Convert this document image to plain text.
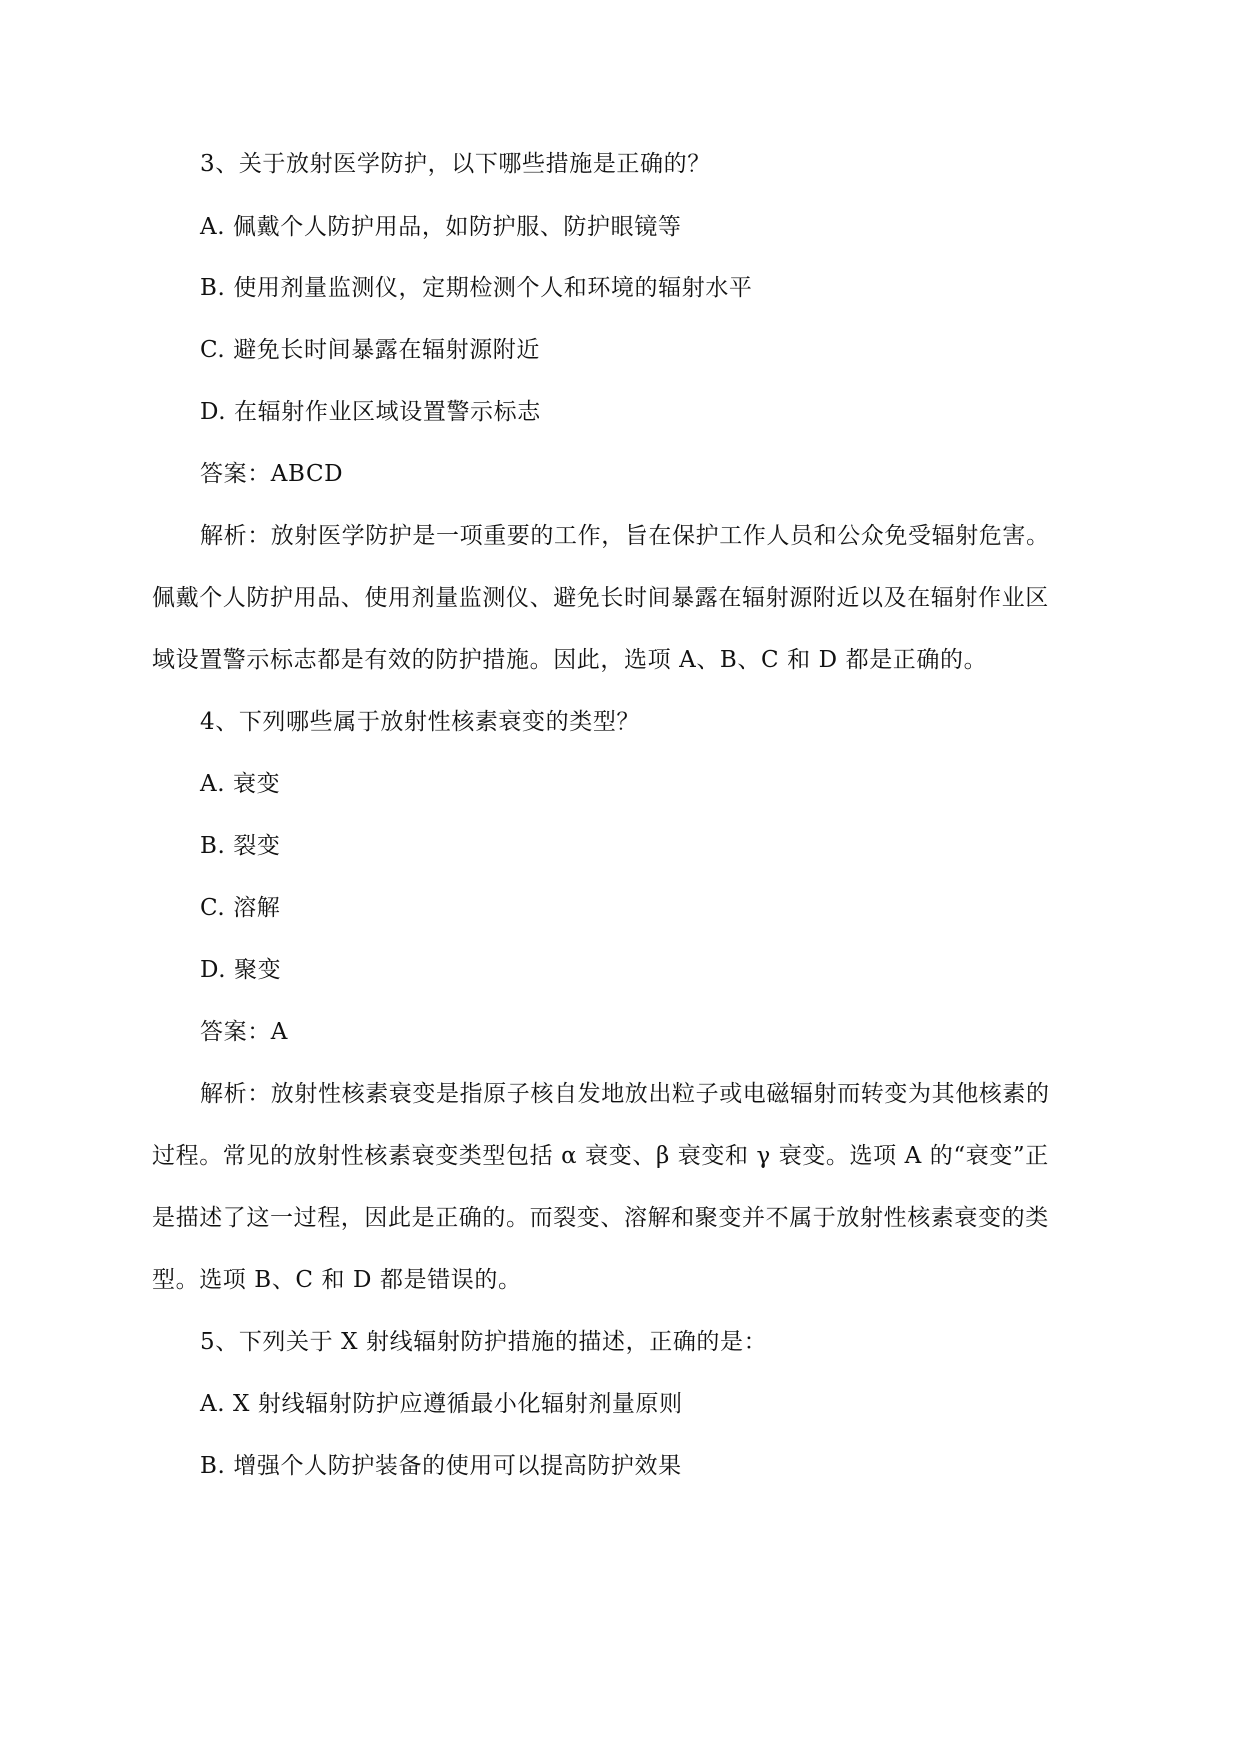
3、关于放射医学防护，以下哪些措施是正确的？
A. 佩戴个人防护用品，如防护服、防护眼镜等
B. 使用剂量监测仪，定期检测个人和环境的辐射水平
C. 避免长时间暴露在辐射源附近
D. 在辐射作业区域设置警示标志
答案：ABCD
解析：放射医学防护是一项重要的工作，旨在保护工作人员和公众免受辐射危害。
佩戴个人防护用品、使用剂量监测仪、避免长时间暴露在辐射源附近以及在辐射作业区
域设置警示标志都是有效的防护措施。因此，选项 A、B、C 和 D 都是正确的。
4、下列哪些属于放射性核素衰变的类型？
A. 衰变
B. 裂变
C. 溶解
D. 聚变
答案：A
解析：放射性核素衰变是指原子核自发地放出粒子或电磁辐射而转变为其他核素的
过程。常见的放射性核素衰变类型包括 α 衰变、β 衰变和 γ 衰变。选项 A 的“衰变”正
是描述了这一过程，因此是正确的。而裂变、溶解和聚变并不属于放射性核素衰变的类
型。选项 B、C 和 D 都是错误的。
5、下列关于 X 射线辐射防护措施的描述，正确的是：
A. X 射线辐射防护应遵循最小化辐射剂量原则
B. 增强个人防护装备的使用可以提高防护效果
